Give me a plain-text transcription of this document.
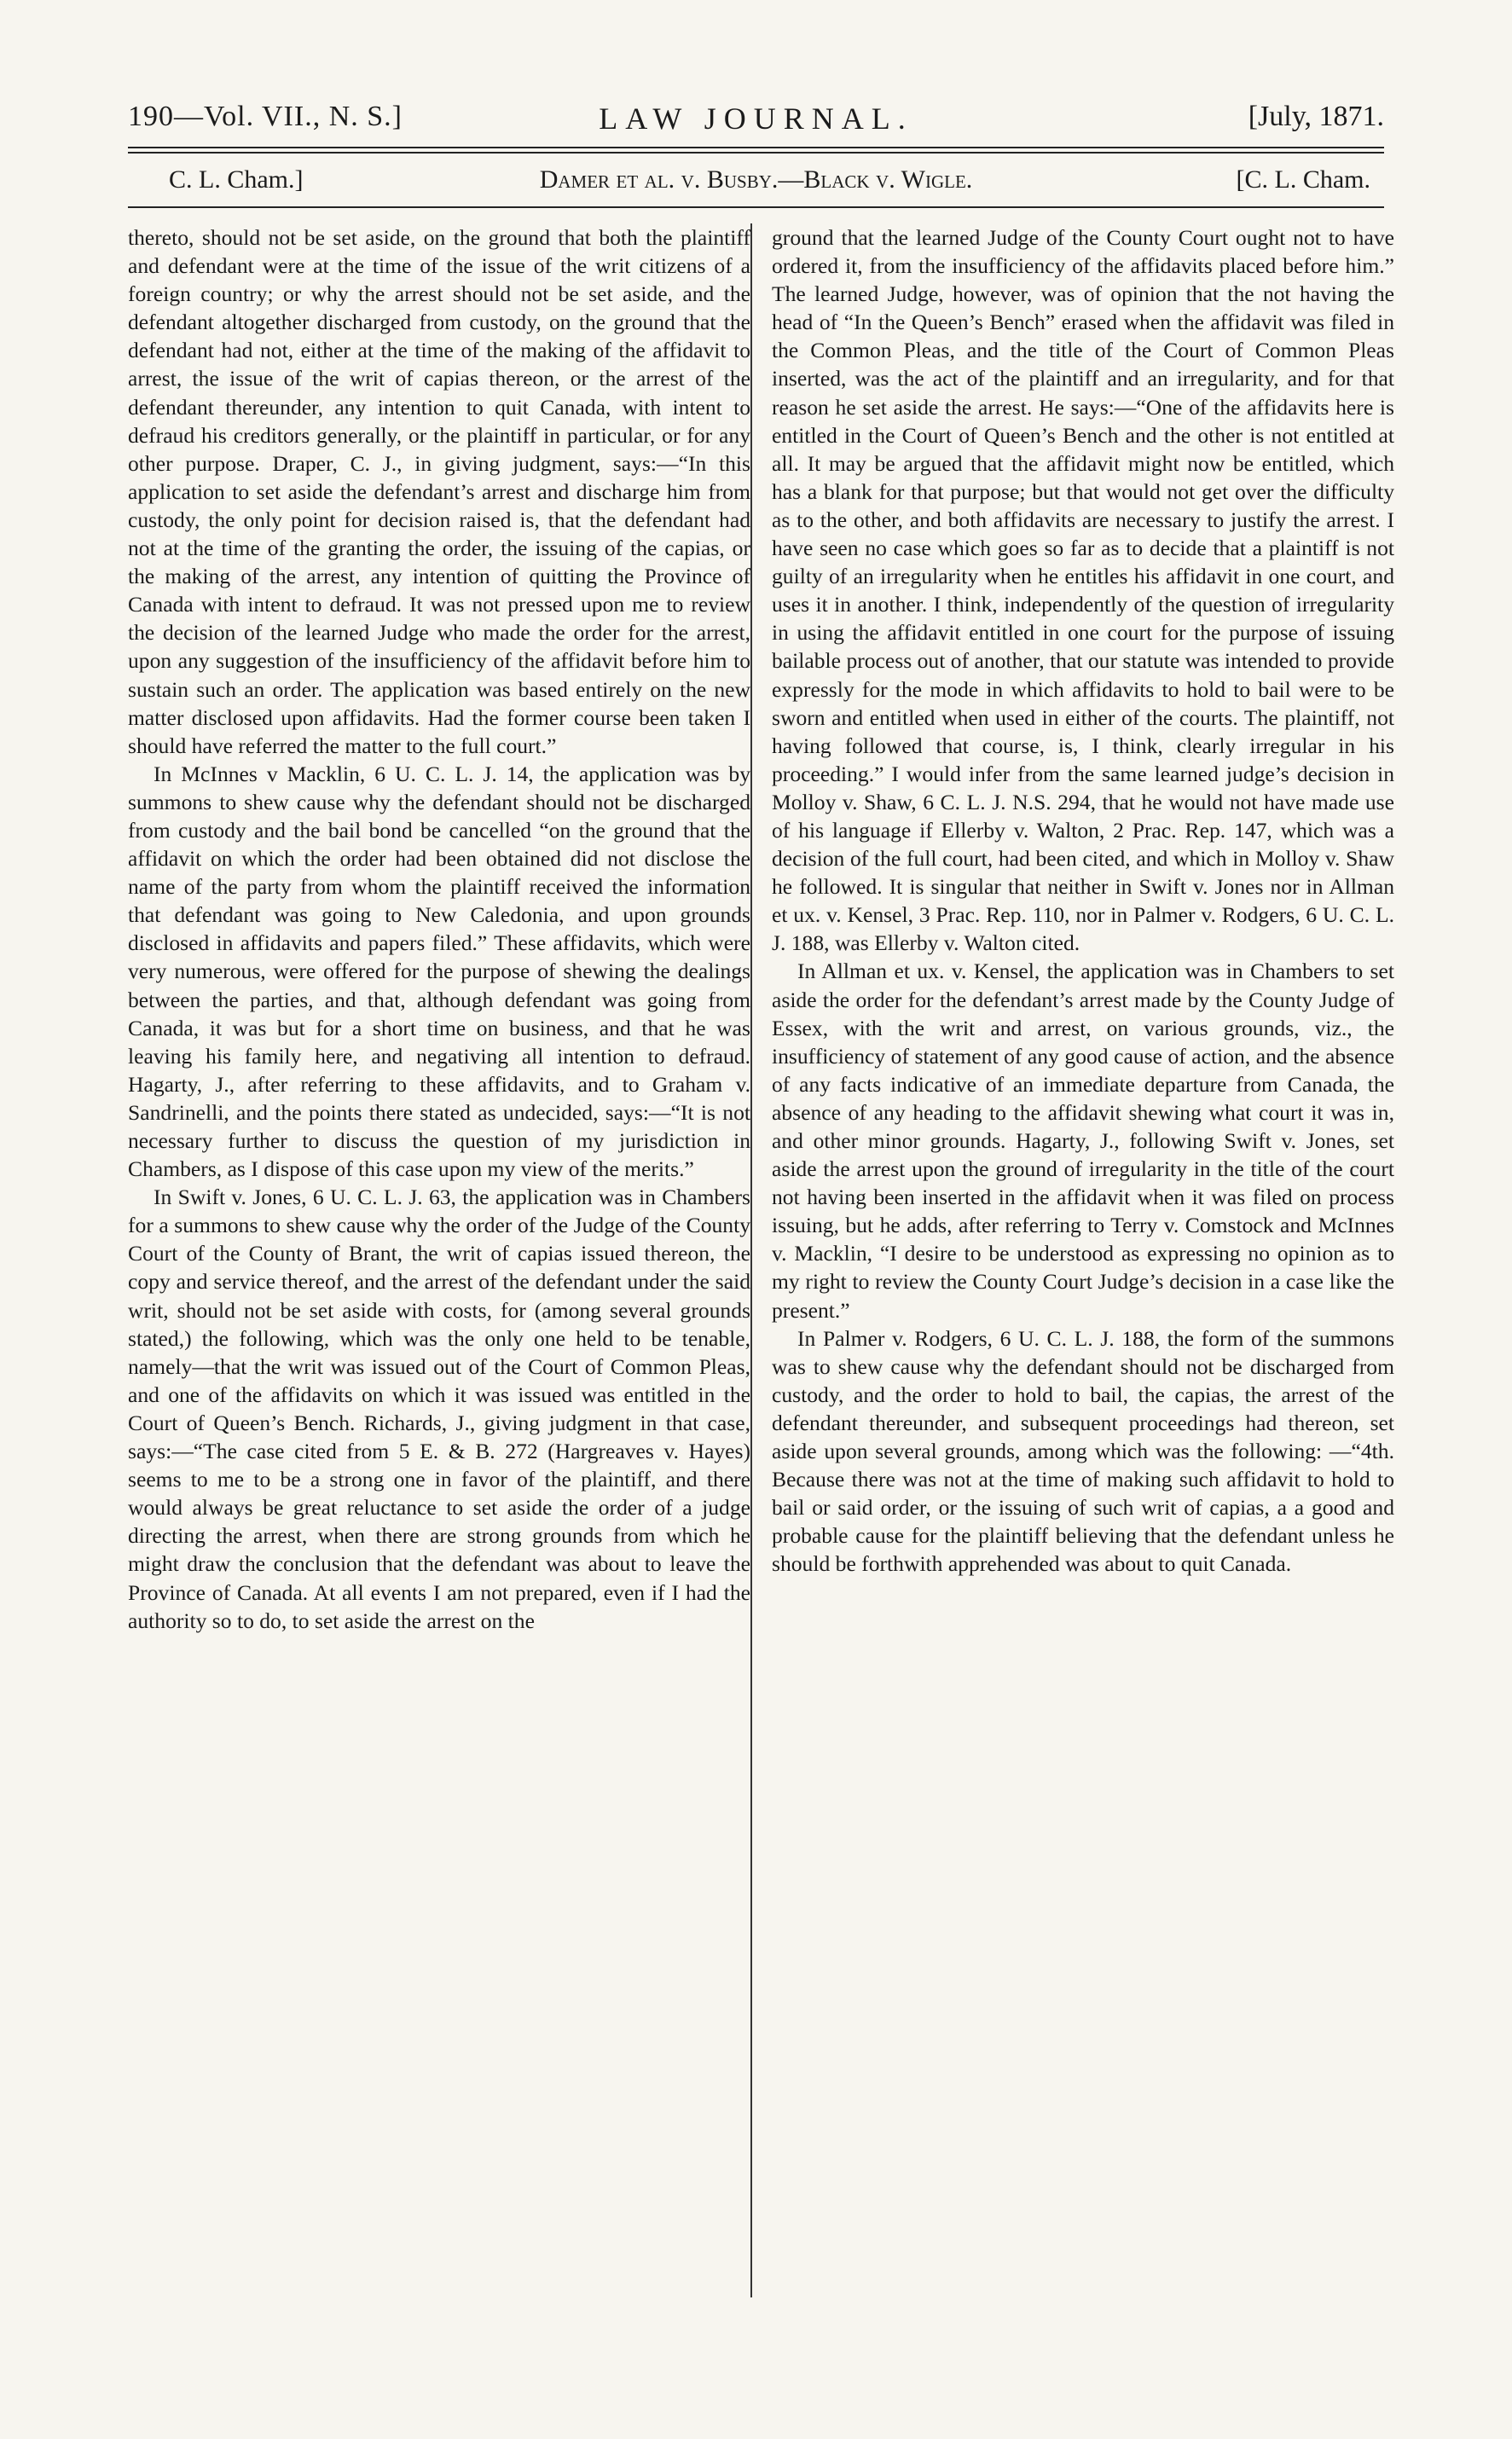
190—Vol. VII., N. S.]	LAW JOURNAL.	[July, 1871.
C. L. Cham.]	Damer et al. v. Busby.—Black v. Wigle.	[C. L. Cham.

thereto, should not be set aside, on the ground that both the plaintiff and defendant were at the time of the issue of the writ citizens of a foreign country; or why the arrest should not be set aside, and the defendant altogether discharged from custody, on the ground that the defendant had not, either at the time of the making of the affidavit to arrest, the issue of the writ of capias thereon, or the arrest of the defendant thereunder, any intention to quit Canada, with intent to defraud his creditors generally, or the plaintiff in particular, or for any other purpose. Draper, C. J., in giving judgment, says:—“In this application to set aside the defendant’s arrest and discharge him from custody, the only point for decision raised is, that the defendant had not at the time of the granting the order, the issuing of the capias, or the making of the arrest, any intention of quitting the Province of Canada with intent to defraud. It was not pressed upon me to review the decision of the learned Judge who made the order for the arrest, upon any suggestion of the insufficiency of the affidavit before him to sustain such an order. The application was based entirely on the new matter disclosed upon affidavits. Had the former course been taken I should have referred the matter to the full court.”

In McInnes v Macklin, 6 U. C. L. J. 14, the application was by summons to shew cause why the defendant should not be discharged from custody and the bail bond be cancelled “on the ground that the affidavit on which the order had been obtained did not disclose the name of the party from whom the plaintiff received the information that defendant was going to New Caledonia, and upon grounds disclosed in affidavits and papers filed.” These affidavits, which were very numerous, were offered for the purpose of shewing the dealings between the parties, and that, although defendant was going from Canada, it was but for a short time on business, and that he was leaving his family here, and negativing all intention to defraud. Hagarty, J., after referring to these affidavits, and to Graham v. Sandrinelli, and the points there stated as undecided, says:—“It is not necessary further to discuss the question of my jurisdiction in Chambers, as I dispose of this case upon my view of the merits.”

In Swift v. Jones, 6 U. C. L. J. 63, the application was in Chambers for a summons to shew cause why the order of the Judge of the County Court of the County of Brant, the writ of capias issued thereon, the copy and service thereof, and the arrest of the defendant under the said writ, should not be set aside with costs, for (among several grounds stated,) the following, which was the only one held to be tenable, namely—that the writ was issued out of the Court of Common Pleas, and one of the affidavits on which it was issued was entitled in the Court of Queen’s Bench. Richards, J., giving judgment in that case, says:—“The case cited from 5 E. & B. 272 (Hargreaves v. Hayes) seems to me to be a strong one in favor of the plaintiff, and there would always be great reluctance to set aside the order of a judge directing the arrest, when there are strong grounds from which he might draw the conclusion that the defendant was about to leave the Province of Canada. At all events I am not prepared, even if I had the authority so to do, to set aside the arrest on the

ground that the learned Judge of the County Court ought not to have ordered it, from the insufficiency of the affidavits placed before him.” The learned Judge, however, was of opinion that the not having the head of “In the Queen’s Bench” erased when the affidavit was filed in the Common Pleas, and the title of the Court of Common Pleas inserted, was the act of the plaintiff and an irregularity, and for that reason he set aside the arrest. He says:—“One of the affidavits here is entitled in the Court of Queen’s Bench and the other is not entitled at all. It may be argued that the affidavit might now be entitled, which has a blank for that purpose; but that would not get over the difficulty as to the other, and both affidavits are necessary to justify the arrest. I have seen no case which goes so far as to decide that a plaintiff is not guilty of an irregularity when he entitles his affidavit in one court, and uses it in another. I think, independently of the question of irregularity in using the affidavit entitled in one court for the purpose of issuing bailable process out of another, that our statute was intended to provide expressly for the mode in which affidavits to hold to bail were to be sworn and entitled when used in either of the courts. The plaintiff, not having followed that course, is, I think, clearly irregular in his proceeding.” I would infer from the same learned judge’s decision in Molloy v. Shaw, 6 C. L. J. N.S. 294, that he would not have made use of his language if Ellerby v. Walton, 2 Prac. Rep. 147, which was a decision of the full court, had been cited, and which in Molloy v. Shaw he followed. It is singular that neither in Swift v. Jones nor in Allman et ux. v. Kensel, 3 Prac. Rep. 110, nor in Palmer v. Rodgers, 6 U. C. L. J. 188, was Ellerby v. Walton cited.

In Allman et ux. v. Kensel, the application was in Chambers to set aside the order for the defendant’s arrest made by the County Judge of Essex, with the writ and arrest, on various grounds, viz., the insufficiency of statement of any good cause of action, and the absence of any facts indicative of an immediate departure from Canada, the absence of any heading to the affidavit shewing what court it was in, and other minor grounds. Hagarty, J., following Swift v. Jones, set aside the arrest upon the ground of irregularity in the title of the court not having been inserted in the affidavit when it was filed on process issuing, but he adds, after referring to Terry v. Comstock and McInnes v. Macklin, “I desire to be understood as expressing no opinion as to my right to review the County Court Judge’s decision in a case like the present.”

In Palmer v. Rodgers, 6 U. C. L. J. 188, the form of the summons was to shew cause why the defendant should not be discharged from custody, and the order to hold to bail, the capias, the arrest of the defendant thereunder, and subsequent proceedings had thereon, set aside upon several grounds, among which was the following: —“4th. Because there was not at the time of making such affidavit to hold to bail or said order, or the issuing of such writ of capias, a a good and probable cause for the plaintiff believing that the defendant unless he should be forthwith apprehended was about to quit Canada.
